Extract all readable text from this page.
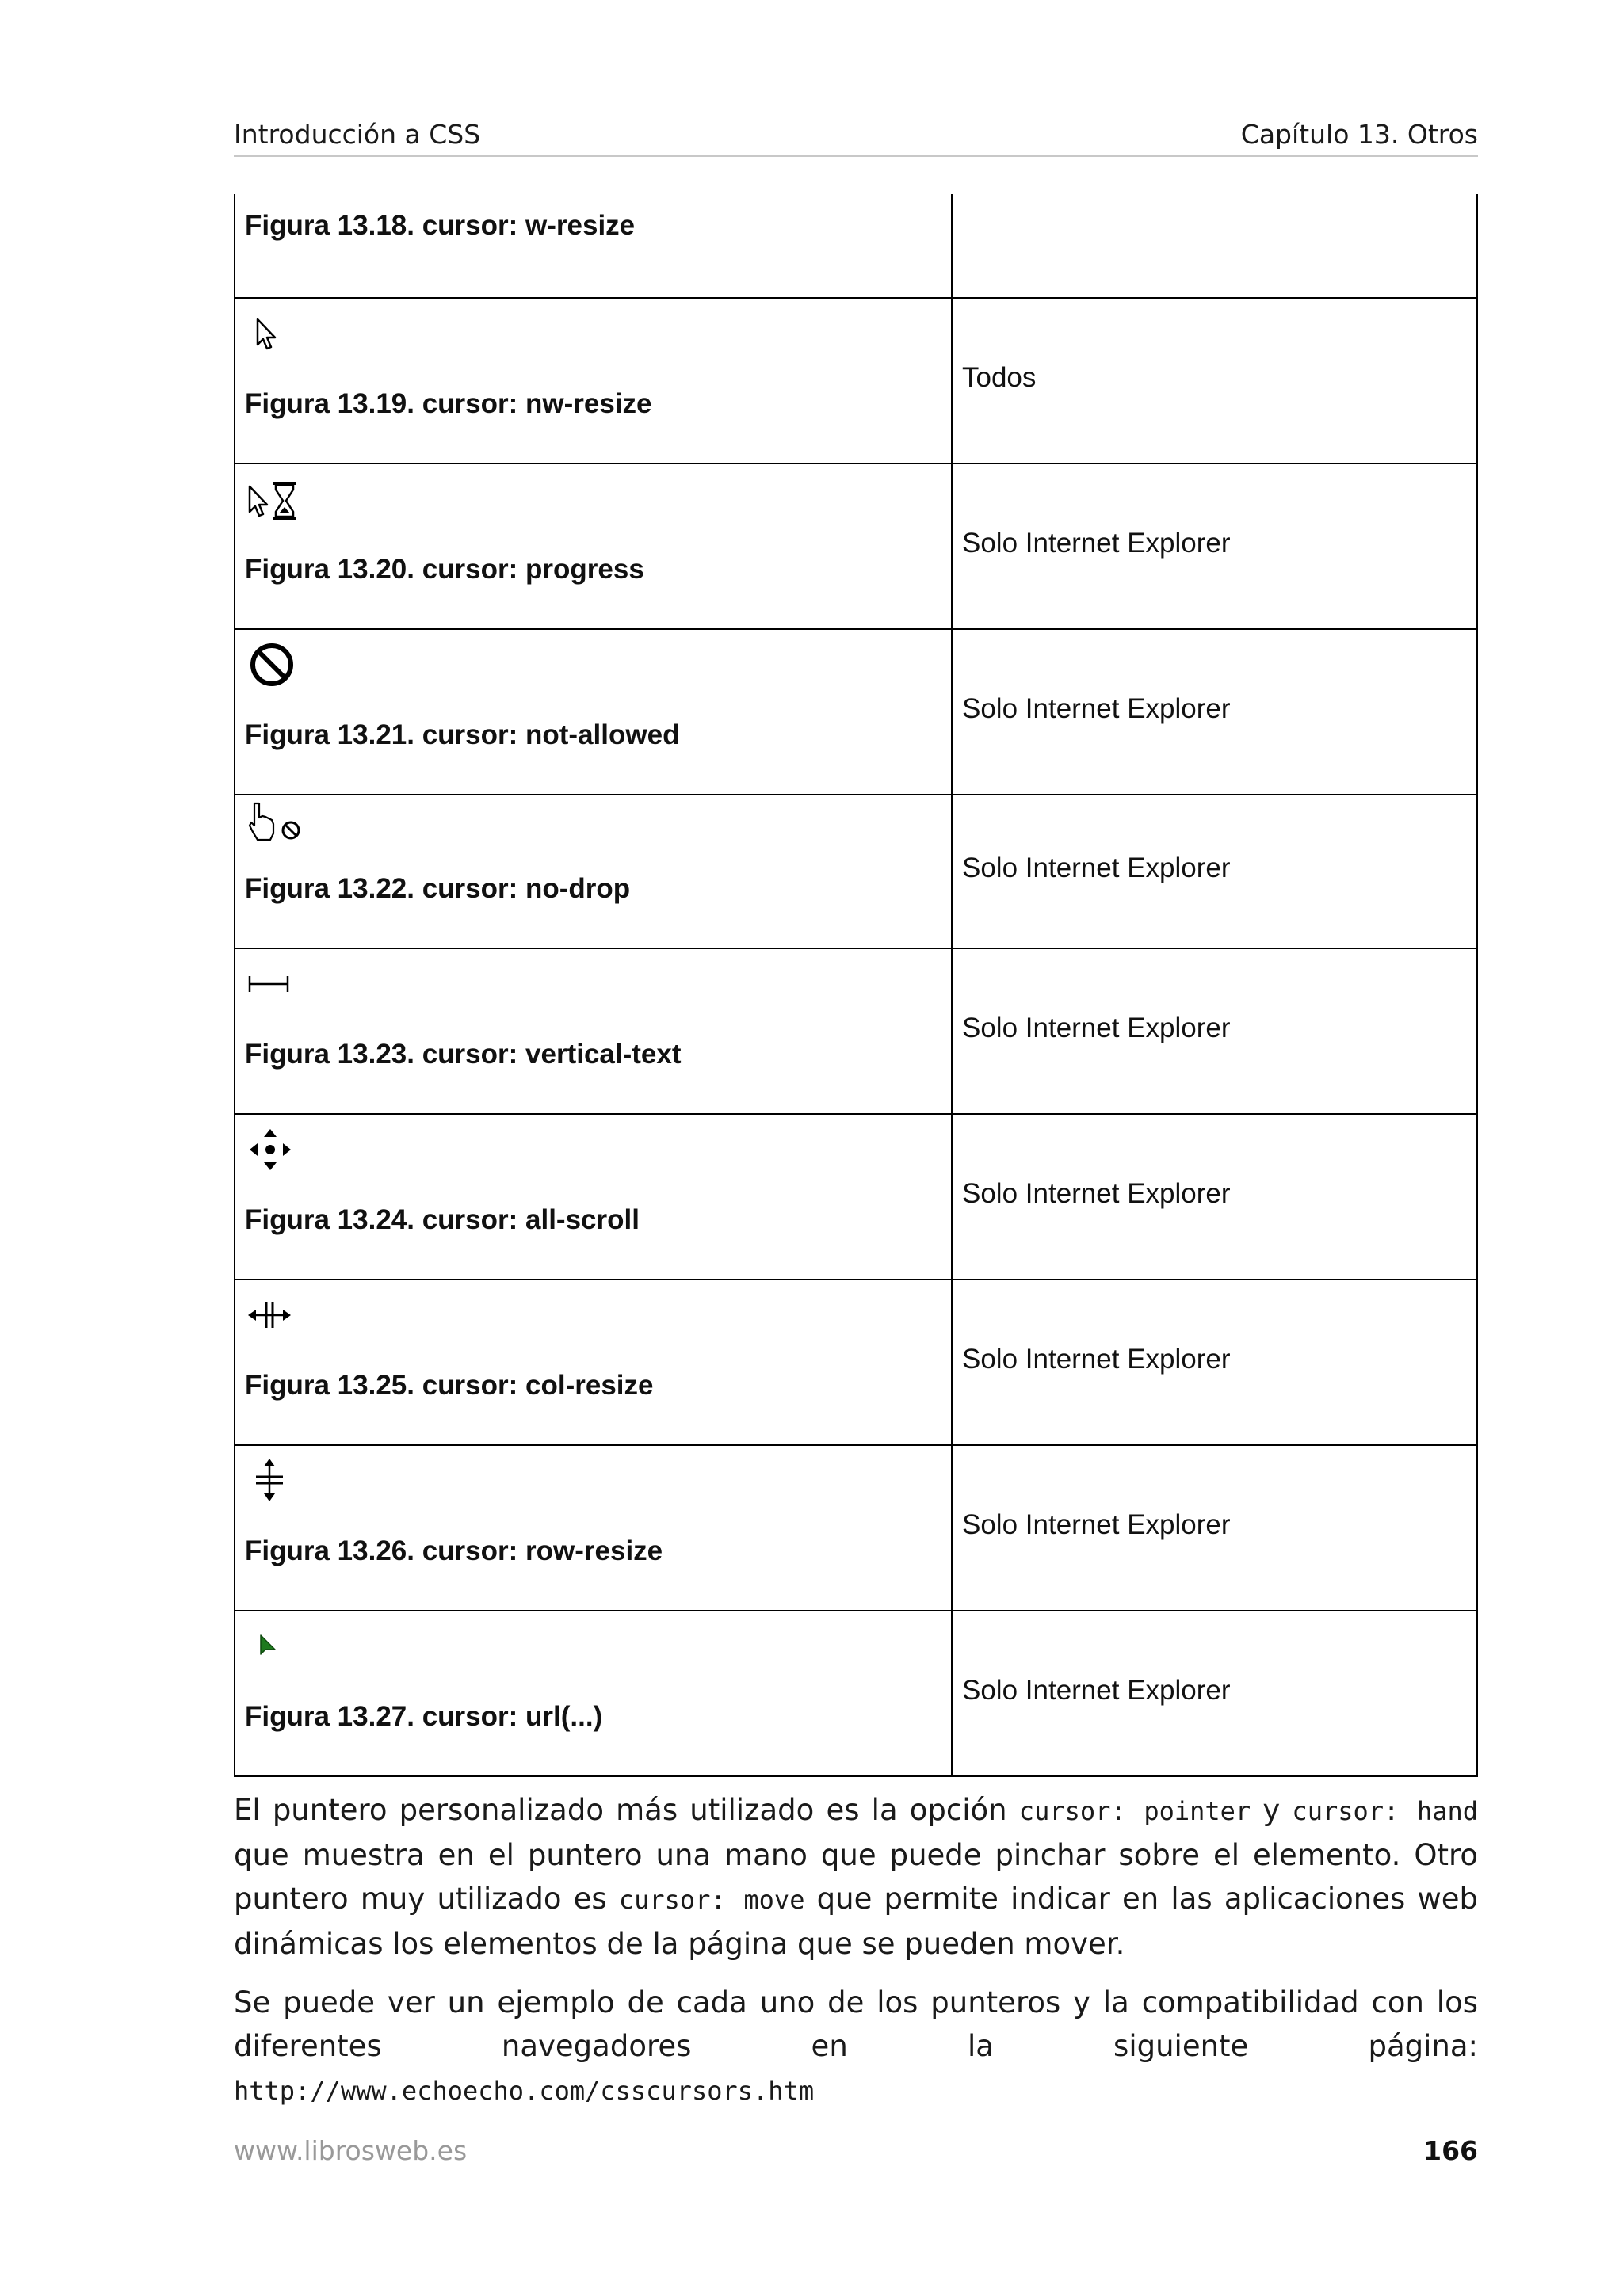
Introducción a CSS	Capítulo 13. Otros
Figura 13.18. cursor: w-resize	

Figura 13.19. cursor: nw-resize	Todos

Figura 13.20. cursor: progress	Solo Internet Explorer

Figura 13.21. cursor: not-allowed	Solo Internet Explorer

Figura 13.22. cursor: no-drop	Solo Internet Explorer

Figura 13.23. cursor: vertical-text	Solo Internet Explorer

Figura 13.24. cursor: all-scroll	Solo Internet Explorer

Figura 13.25. cursor: col-resize	Solo Internet Explorer

Figura 13.26. cursor: row-resize	Solo Internet Explorer

Figura 13.27. cursor: url(...)	Solo Internet Explorer
El puntero personalizado más utilizado es la opción cursor: pointer y cursor: hand que muestra en el puntero una mano que puede pinchar sobre el elemento. Otro puntero muy utilizado es cursor: move que permite indicar en las aplicaciones web dinámicas los elementos de la página que se pueden mover.
Se puede ver un ejemplo de cada uno de los punteros y la compatibilidad con los diferentes navegadores en la siguiente página: http://www.echoecho.com/csscursors.htm
www.librosweb.es	166
